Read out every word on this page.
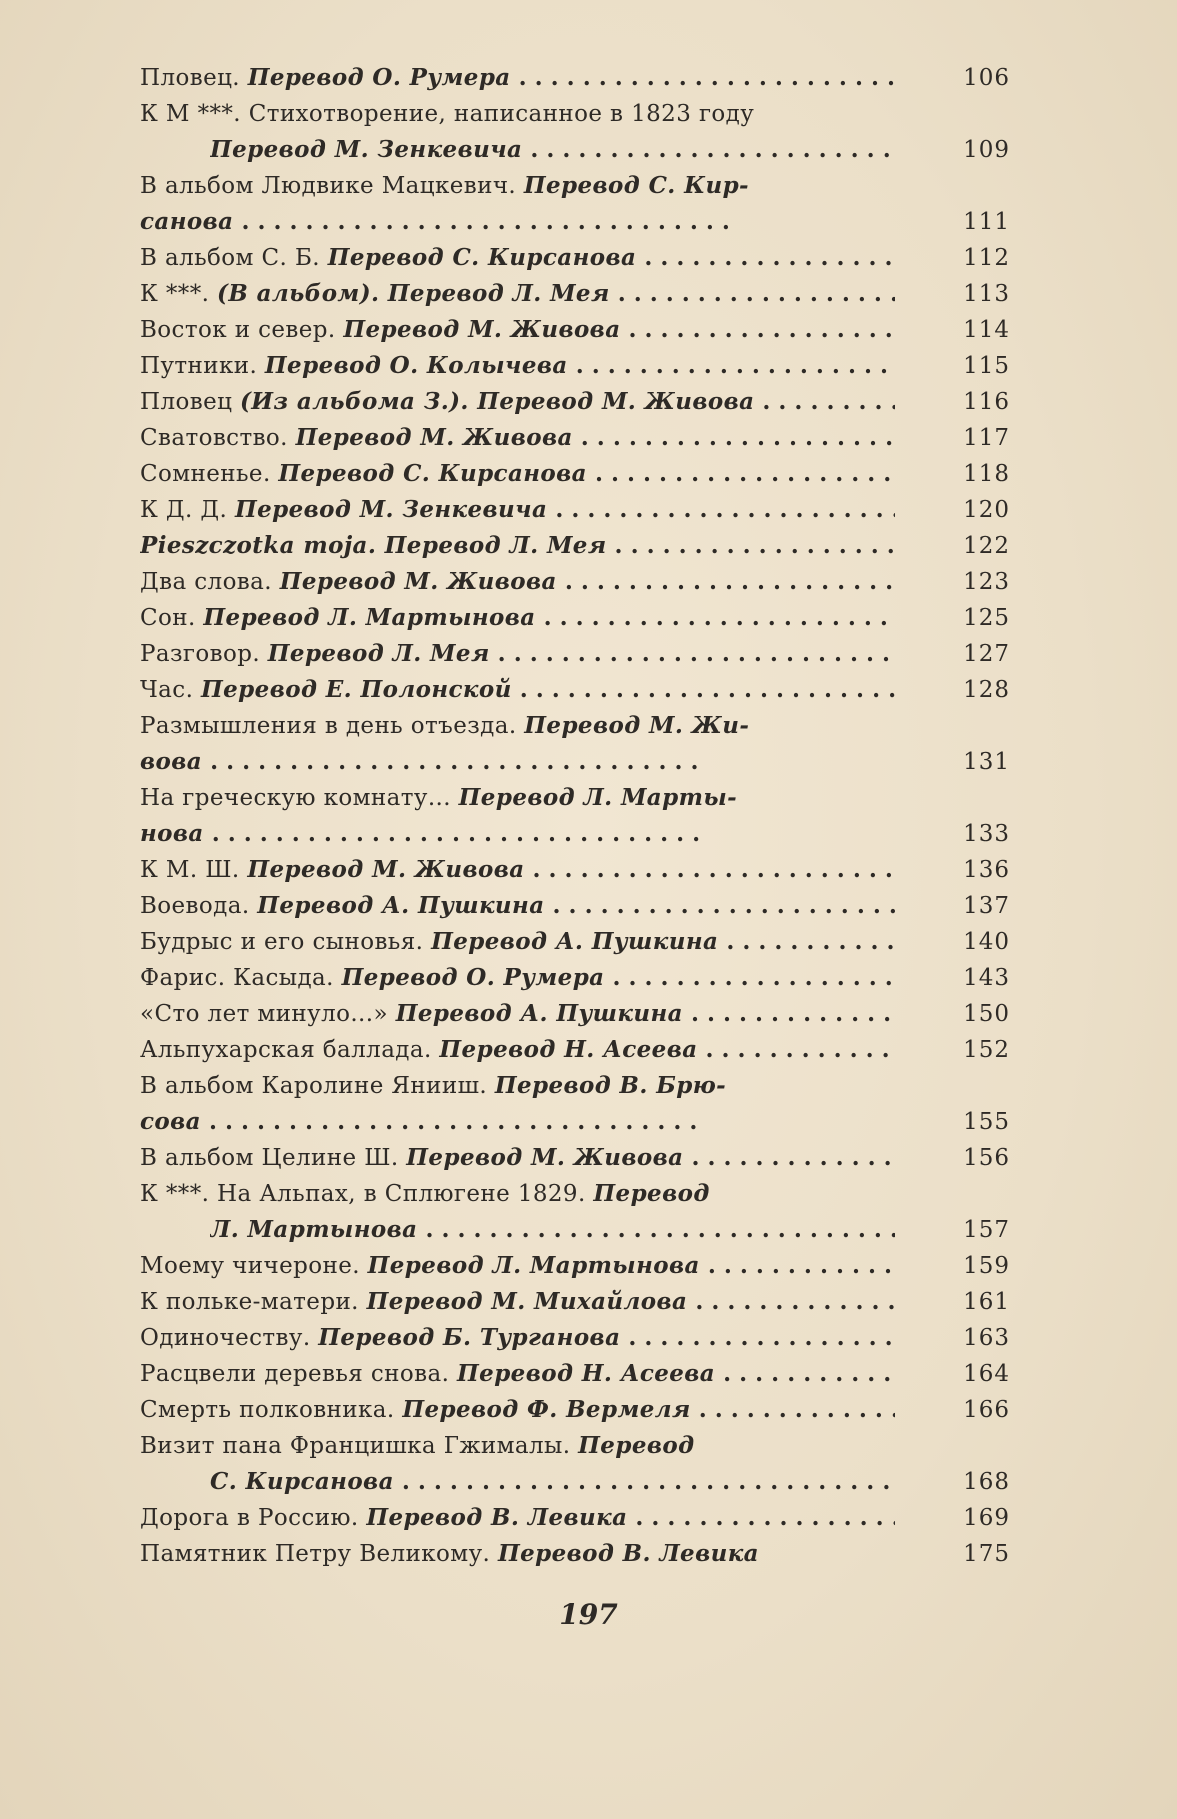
Пловец. Перевод О. Румера . .	106
К М ***. Стихотворение, написанное в 1823 году
Перевод М. Зенкевича . .	109
В альбом Людвике Мацкевич. Перевод С. Кир-
санова . .	111
В альбом С. Б. Перевод С. Кирсанова . .	112
К ***. (В альбом). Перевод Л. Мея . .	113
Восток и север. Перевод М. Живова . .	114
Путники. Перевод О. Колычева . .	115
Пловец (Из альбома З.). Перевод М. Живова . .	116
Сватовство. Перевод М. Живова . .	117
Сомненье. Перевод С. Кирсанова . .	118
К Д. Д. Перевод М. Зенкевича . .	120
Pieszczotka moja. Перевод Л. Мея . .	122
Два слова. Перевод М. Живова . .	123
Сон. Перевод Л. Мартынова . .	125
Разговор. Перевод Л. Мея . .	127
Час. Перевод Е. Полонской . .	128
Размышления в день отъезда. Перевод М. Жи-
вова . .	131
На греческую комнату... Перевод Л. Марты-
нова . .	133
К М. Ш. Перевод М. Живова . .	136
Воевода. Перевод А. Пушкина . .	137
Будрыс и его сыновья. Перевод А. Пушкина . .	140
Фарис. Касыда. Перевод О. Румера . .	143
«Сто лет минуло...» Перевод А. Пушкина . .	150
Альпухарская баллада. Перевод Н. Асеева . .	152
В альбом Каролине Янииш. Перевод В. Брю-
сова . .	155
В альбом Целине Ш. Перевод М. Живова . .	156
К ***. На Альпах, в Сплюгене 1829. Перевод
Л. Мартынова . .	157
Моему чичероне. Перевод Л. Мартынова . .	159
К польке-матери. Перевод М. Михайлова . .	161
Одиночеству. Перевод Б. Турганова . .	163
Расцвели деревья снова. Перевод Н. Асеева . .	164
Смерть полковника. Перевод Ф. Вермеля . .	166
Визит пана Францишка Гжималы. Перевод
С. Кирсанова . .	168
Дорога в Россию. Перевод В. Левика . .	169
Памятник Петру Великому. Перевод В. Левика	175
197
